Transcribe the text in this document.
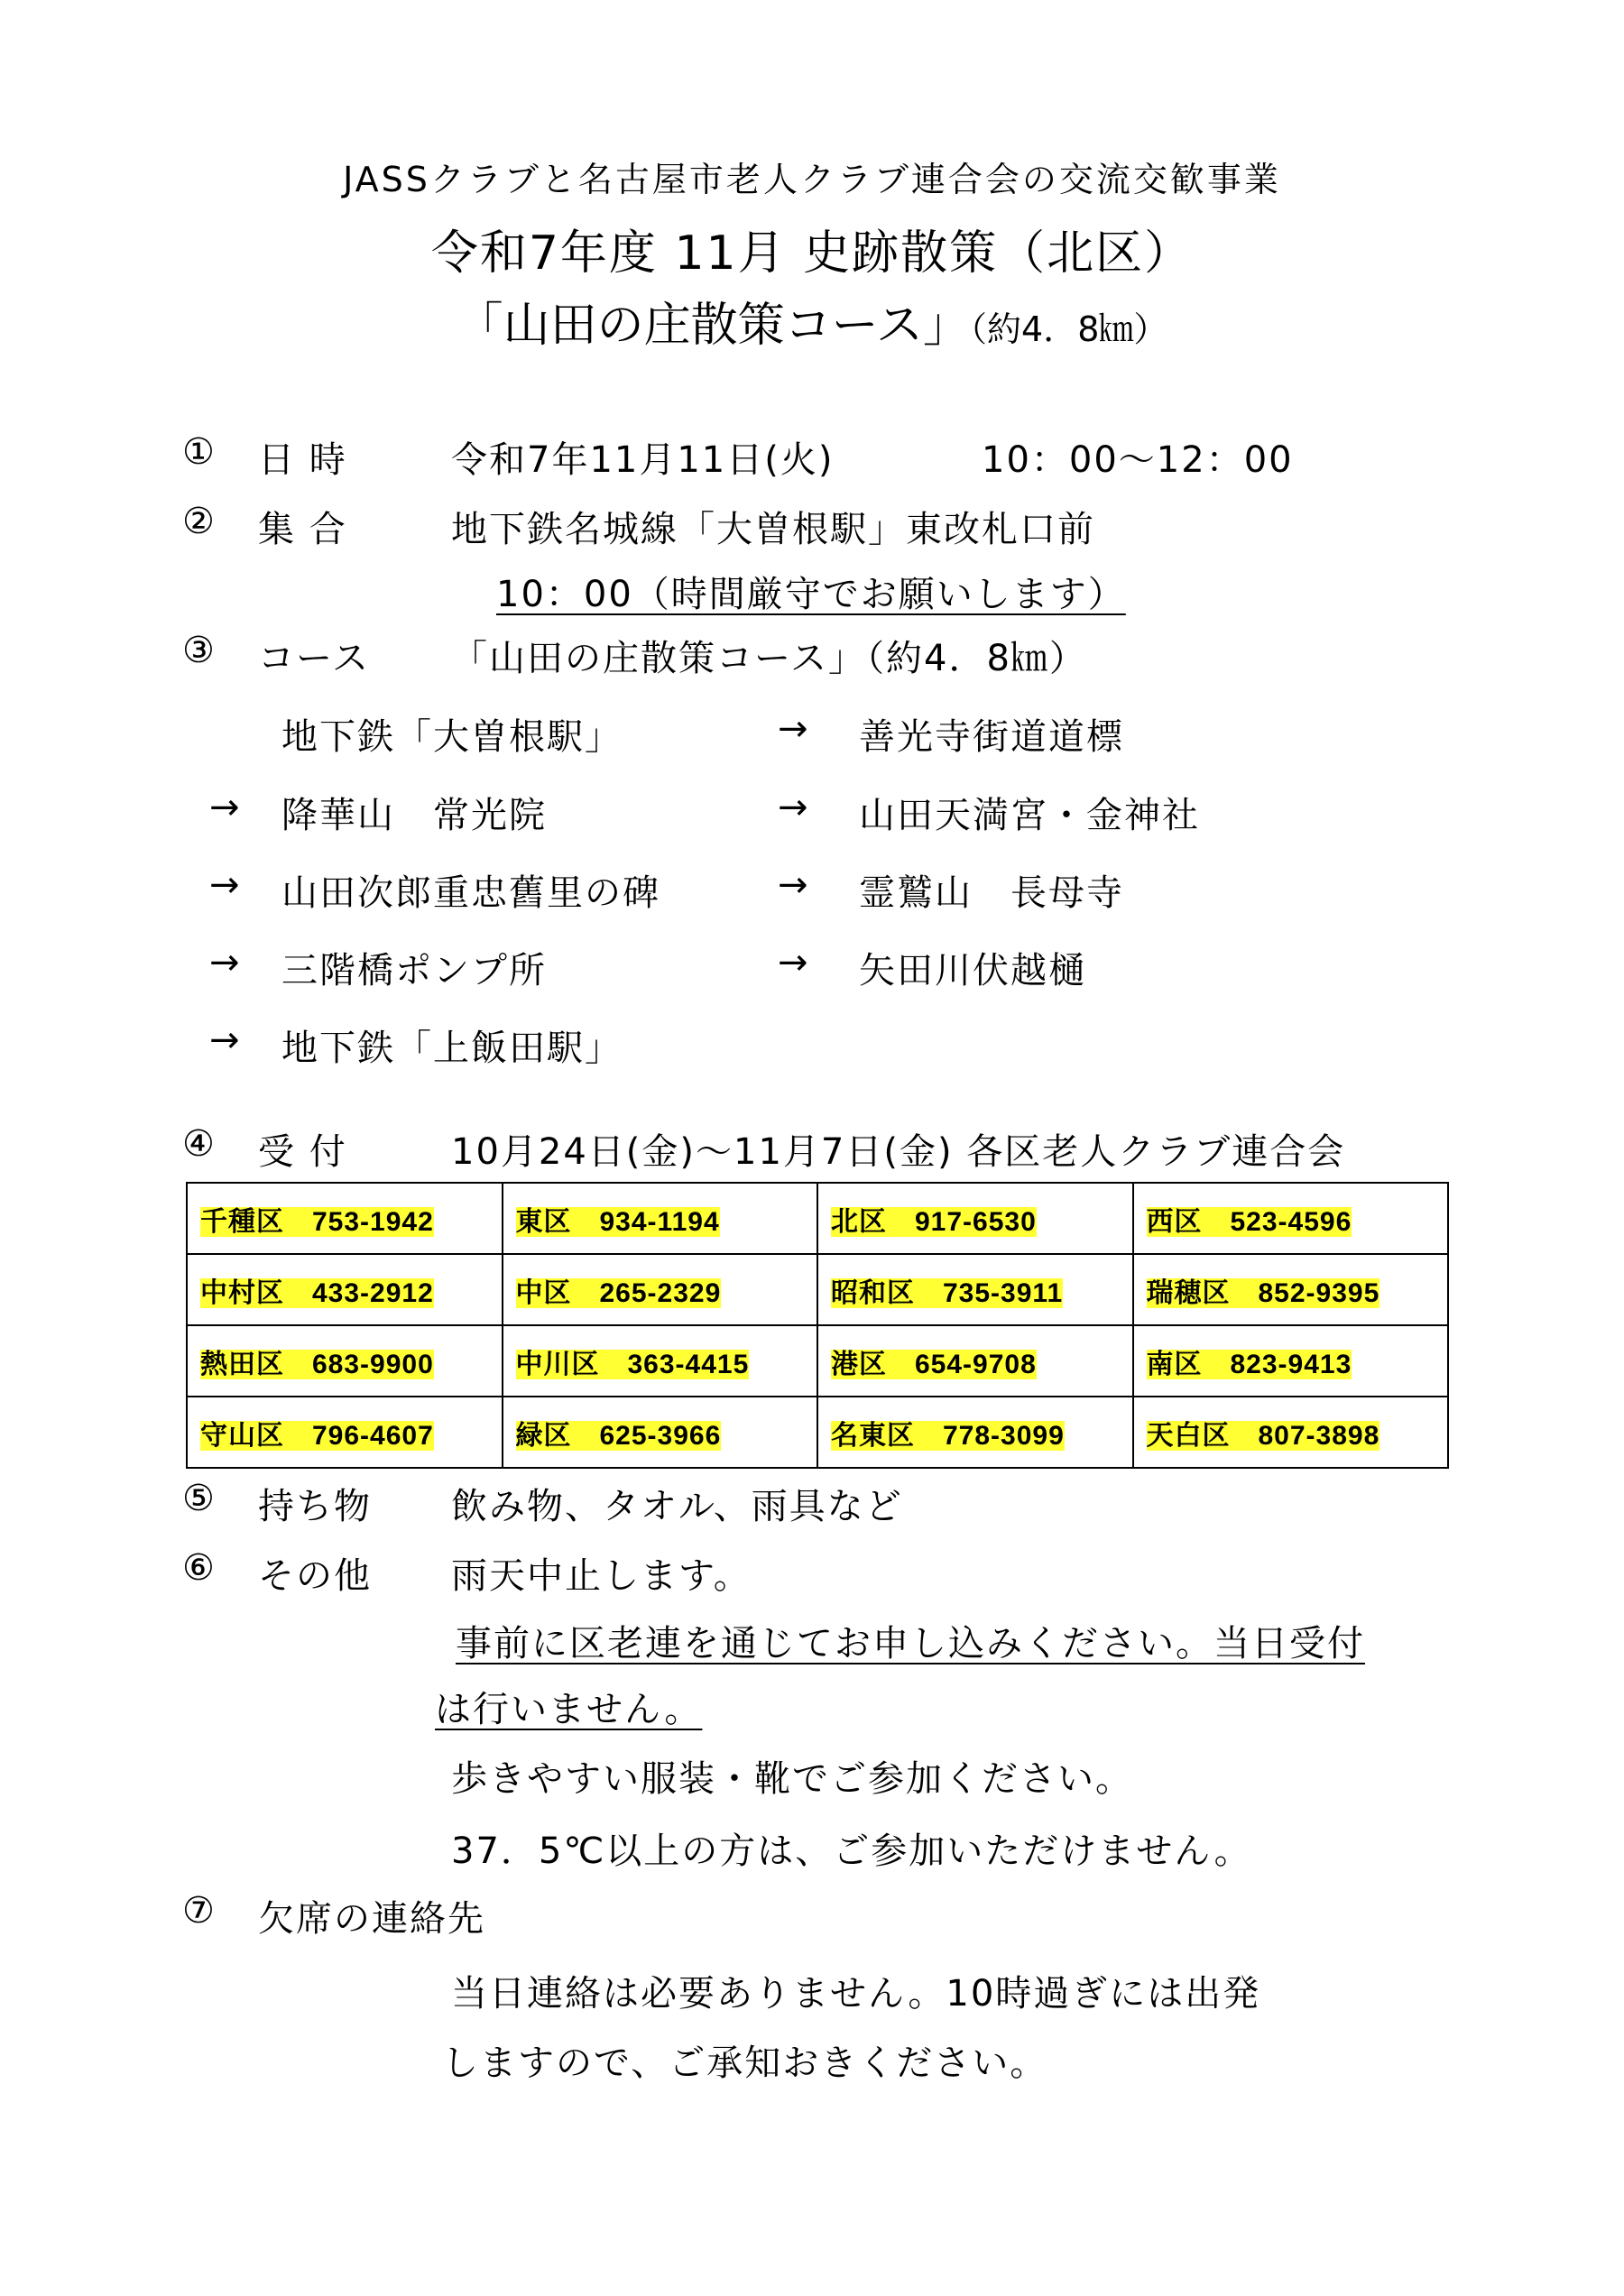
JASSクラブと名古屋市老人クラブ連合会の交流交歓事業
令和7年度 11月 史跡散策（北区）
「山田の庄散策コース」（約4．8㎞）
① 日 時	令和7年11月11日(火)	10：00～12：00
② 集 合	地下鉄名城線「大曽根駅」東改札口前
10：00（時間厳守でお願いします）
③ コース 「山田の庄散策コース」（約4．8㎞）
地下鉄「大曽根駅」	→ 善光寺街道道標
→ 降華山　常光院	→ 山田天満宮・金神社
→ 山田次郎重忠舊里の碑	→ 霊鷲山　長母寺
→ 三階橋ポンプ所	→ 矢田川伏越樋
→ 地下鉄「上飯田駅」
④ 受 付	10月24日(金)～11月7日(金) 各区老人クラブ連合会
千種区　753-1942	東区　934-1194	北区　917-6530	西区　523-4596
中村区　433-2912	中区　265-2329	昭和区　735-3911	瑞穂区　852-9395
熱田区　683-9900	中川区　363-4415	港区　654-9708	南区　823-9413
守山区　796-4607	緑区　625-3966	名東区　778-3099	天白区　807-3898
⑤ 持ち物 飲み物、タオル、雨具など
⑥ その他 雨天中止します。
事前に区老連を通じてお申し込みください。当日受付
は行いません。
歩きやすい服装・靴でご参加ください。
37．5℃以上の方は、ご参加いただけません。
⑦ 欠席の連絡先
当日連絡は必要ありません。10時過ぎには出発
しますので、ご承知おきください。
